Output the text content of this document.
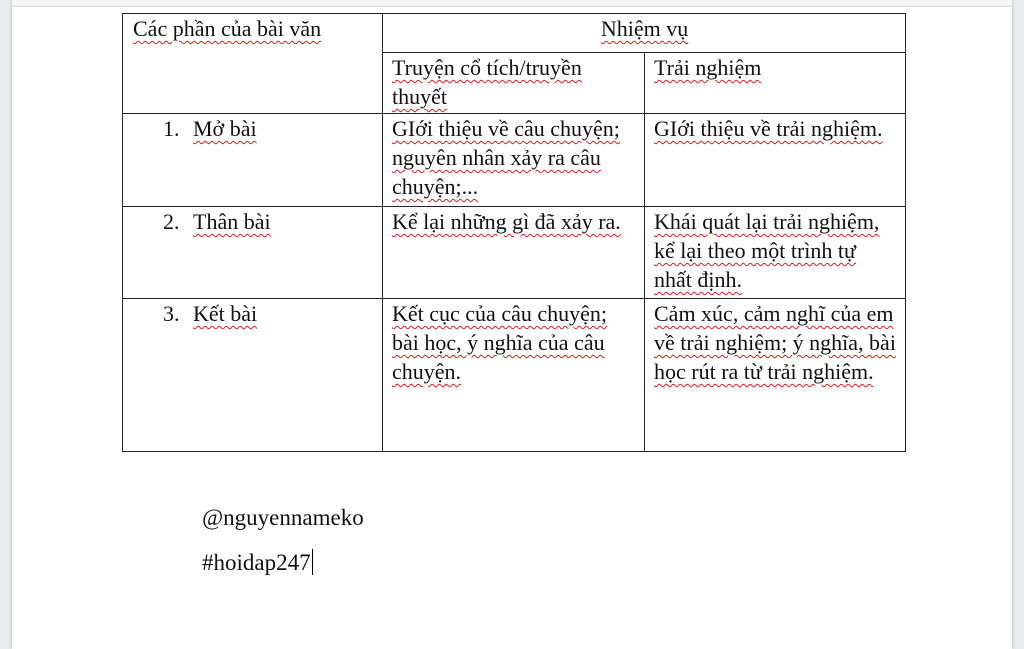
Các phần của bài văn	Nhiệm vụ	
	Truyện cổ tích/truyền thuyết	Trải nghiệm
1. Mở bài	GIới thiệu về câu chuyện; nguyên nhân xảy ra câu chuyện;...	GIới thiệu về trải nghiệm.
2. Thân bài	Kể lại những gì đã xảy ra.	Khái quát lại trải nghiệm, kể lại theo một trình tự nhất định.
3. Kết bài	Kết cục của câu chuyện; bài học, ý nghĩa của câu chuyện.	Cảm xúc, cảm nghĩ của em về trải nghiệm; ý nghĩa, bài học rút ra từ trải nghiệm.
@nguyennameko
#hoidap247
